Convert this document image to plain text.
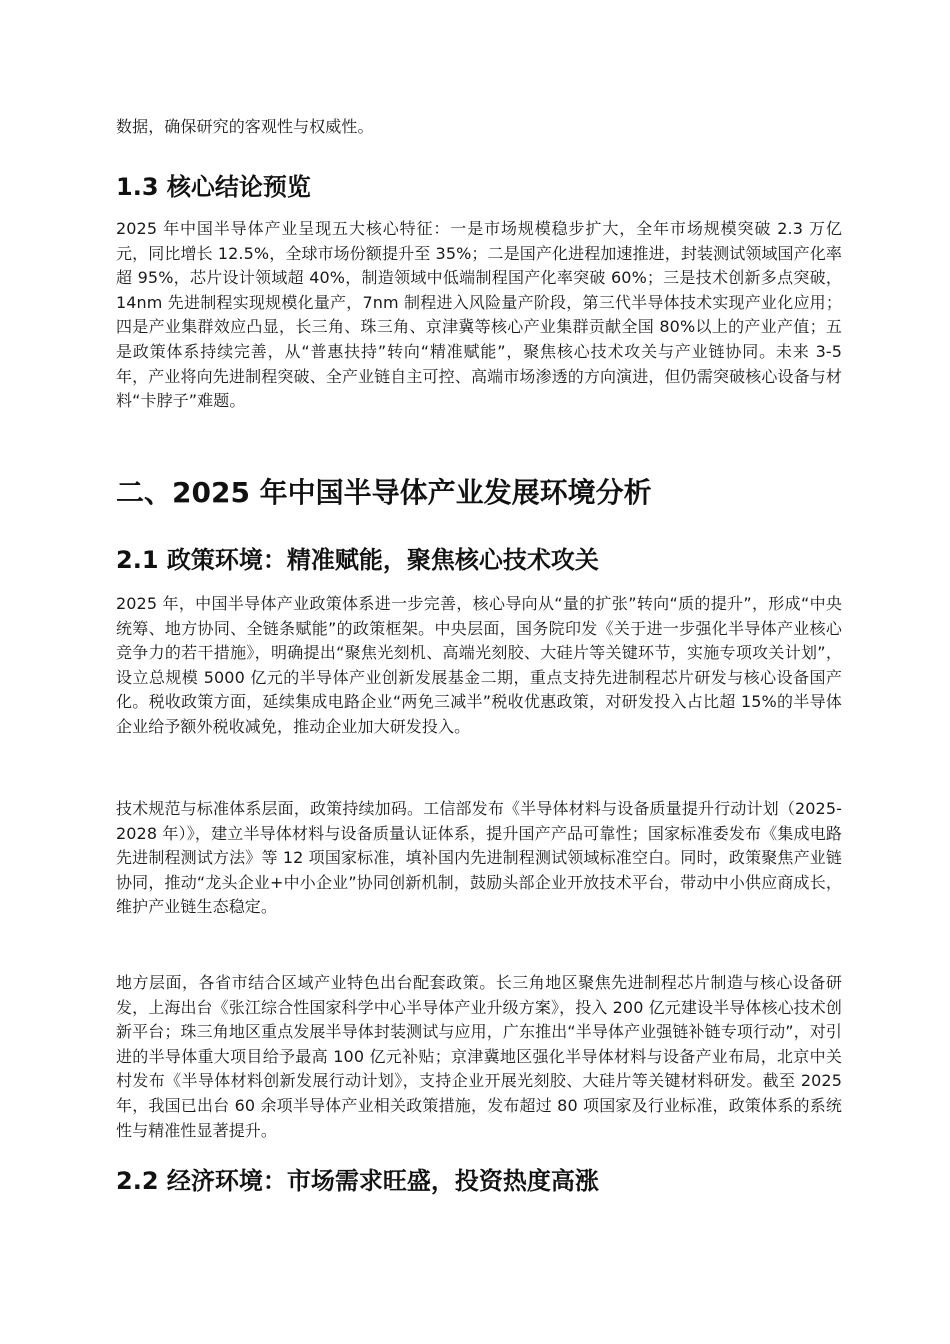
数据，确保研究的客观性与权威性。

1.3 核心结论预览

2025 年中国半导体产业呈现五大核心特征：一是市场规模稳步扩大，全年市场规模突破 2.3 万亿元，同比增长 12.5%，全球市场份额提升至 35%；二是国产化进程加速推进，封装测试领域国产化率超 95%，芯片设计领域超 40%，制造领域中低端制程国产化率突破 60%；三是技术创新多点突破，14nm 先进制程实现规模化量产，7nm 制程进入风险量产阶段，第三代半导体技术实现产业化应用；四是产业集群效应凸显，长三角、珠三角、京津冀等核心产业集群贡献全国 80%以上的产业产值；五是政策体系持续完善，从“普惠扶持”转向“精准赋能”，聚焦核心技术攻关与产业链协同。未来 3-5 年，产业将向先进制程突破、全产业链自主可控、高端市场渗透的方向演进，但仍需突破核心设备与材料“卡脖子”难题。

二、2025 年中国半导体产业发展环境分析
2.1 政策环境：精准赋能，聚焦核心技术攻关

2025 年，中国半导体产业政策体系进一步完善，核心导向从“量的扩张”转向“质的提升”，形成“中央统筹、地方协同、全链条赋能”的政策框架。中央层面，国务院印发《关于进一步强化半导体产业核心竞争力的若干措施》，明确提出“聚焦光刻机、高端光刻胶、大硅片等关键环节，实施专项攻关计划”，设立总规模 5000 亿元的半导体产业创新发展基金二期，重点支持先进制程芯片研发与核心设备国产化。税收政策方面，延续集成电路企业“两免三减半”税收优惠政策，对研发投入占比超 15%的半导体企业给予额外税收减免，推动企业加大研发投入。

技术规范与标准体系层面，政策持续加码。工信部发布《半导体材料与设备质量提升行动计划（2025-2028 年）》，建立半导体材料与设备质量认证体系，提升国产产品可靠性；国家标准委发布《集成电路先进制程测试方法》等 12 项国家标准，填补国内先进制程测试领域标准空白。同时，政策聚焦产业链协同，推动“龙头企业+中小企业”协同创新机制，鼓励头部企业开放技术平台，带动中小供应商成长，维护产业链生态稳定。

地方层面，各省市结合区域产业特色出台配套政策。长三角地区聚焦先进制程芯片制造与核心设备研发，上海出台《张江综合性国家科学中心半导体产业升级方案》，投入 200 亿元建设半导体核心技术创新平台；珠三角地区重点发展半导体封装测试与应用，广东推出“半导体产业强链补链专项行动”，对引进的半导体重大项目给予最高 100 亿元补贴；京津冀地区强化半导体材料与设备产业布局，北京中关村发布《半导体材料创新发展行动计划》，支持企业开展光刻胶、大硅片等关键材料研发。截至 2025 年，我国已出台 60 余项半导体产业相关政策措施，发布超过 80 项国家及行业标准，政策体系的系统性与精准性显著提升。

2.2 经济环境：市场需求旺盛，投资热度高涨
